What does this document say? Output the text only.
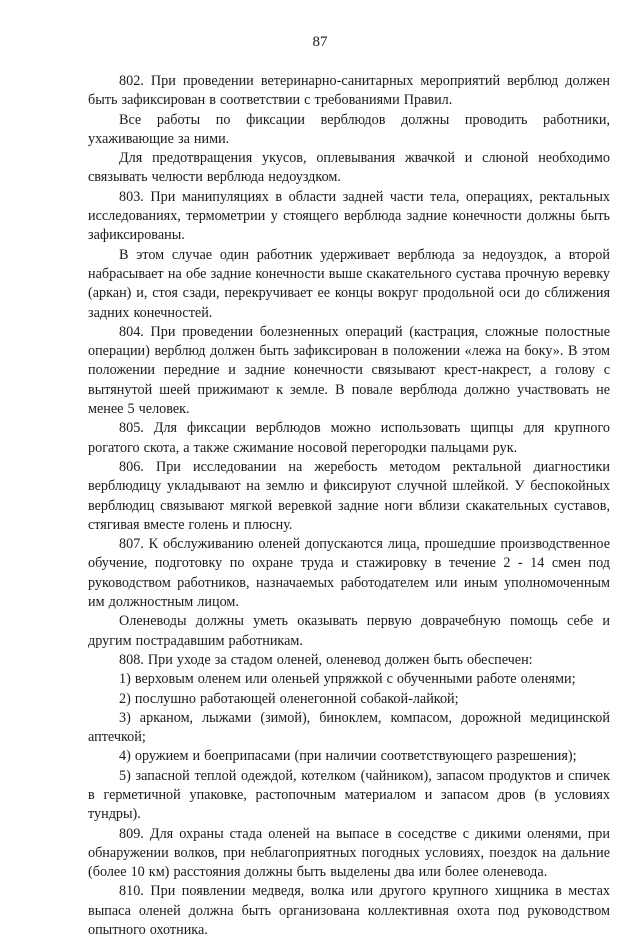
87

802. При проведении ветеринарно-санитарных мероприятий верблюд должен быть зафиксирован в соответствии с требованиями Правил.

Все работы по фиксации верблюдов должны проводить работники, ухаживающие за ними.

Для предотвращения укусов, оплевывания жвачкой и слюной необходимо связывать челюсти верблюда недоуздком.

803. При манипуляциях в области задней части тела, операциях, ректальных исследованиях, термометрии у стоящего верблюда задние конечности должны быть зафиксированы.

В этом случае один работник удерживает верблюда за недоуздок, а второй набрасывает на обе задние конечности выше скакательного сустава прочную веревку (аркан) и, стоя сзади, перекручивает ее концы вокруг продольной оси до сближения задних конечностей.

804. При проведении болезненных операций (кастрация, сложные полостные операции) верблюд должен быть зафиксирован в положении «лежа на боку». В этом положении передние и задние конечности связывают крест-накрест, а голову с вытянутой шеей прижимают к земле. В повале верблюда должно участвовать не менее 5 человек.

805. Для фиксации верблюдов можно использовать щипцы для крупного рогатого скота, а также сжимание носовой перегородки пальцами рук.

806. При исследовании на жеребость методом ректальной диагностики верблюдицу укладывают на землю и фиксируют случной шлейкой. У беспокойных верблюдиц связывают мягкой веревкой задние ноги вблизи скакательных суставов, стягивая вместе голень и плюсну.

807. К обслуживанию оленей допускаются лица, прошедшие производственное обучение, подготовку по охране труда и стажировку в течение 2 - 14 смен под руководством работников, назначаемых работодателем или иным уполномоченным им должностным лицом.

Оленеводы должны уметь оказывать первую доврачебную помощь себе и другим пострадавшим работникам.

808. При уходе за стадом оленей, оленевод должен быть обеспечен:

1) верховым оленем или оленьей упряжкой с обученными работе оленями;

2) послушно работающей оленегонной собакой-лайкой;

3) арканом, лыжами (зимой), биноклем, компасом, дорожной медицинской аптечкой;

4) оружием и боеприпасами (при наличии соответствующего разрешения);

5) запасной теплой одеждой, котелком (чайником), запасом продуктов и спичек в герметичной упаковке, растопочным материалом и запасом дров (в условиях тундры).

809. Для охраны стада оленей на выпасе в соседстве с дикими оленями, при обнаружении волков, при неблагоприятных погодных условиях, поездок на дальние (более 10 км) расстояния должны быть выделены два или более оленевода.

810. При появлении медведя, волка или другого крупного хищника в местах выпаса оленей должна быть организована коллективная охота под руководством опытного охотника.
